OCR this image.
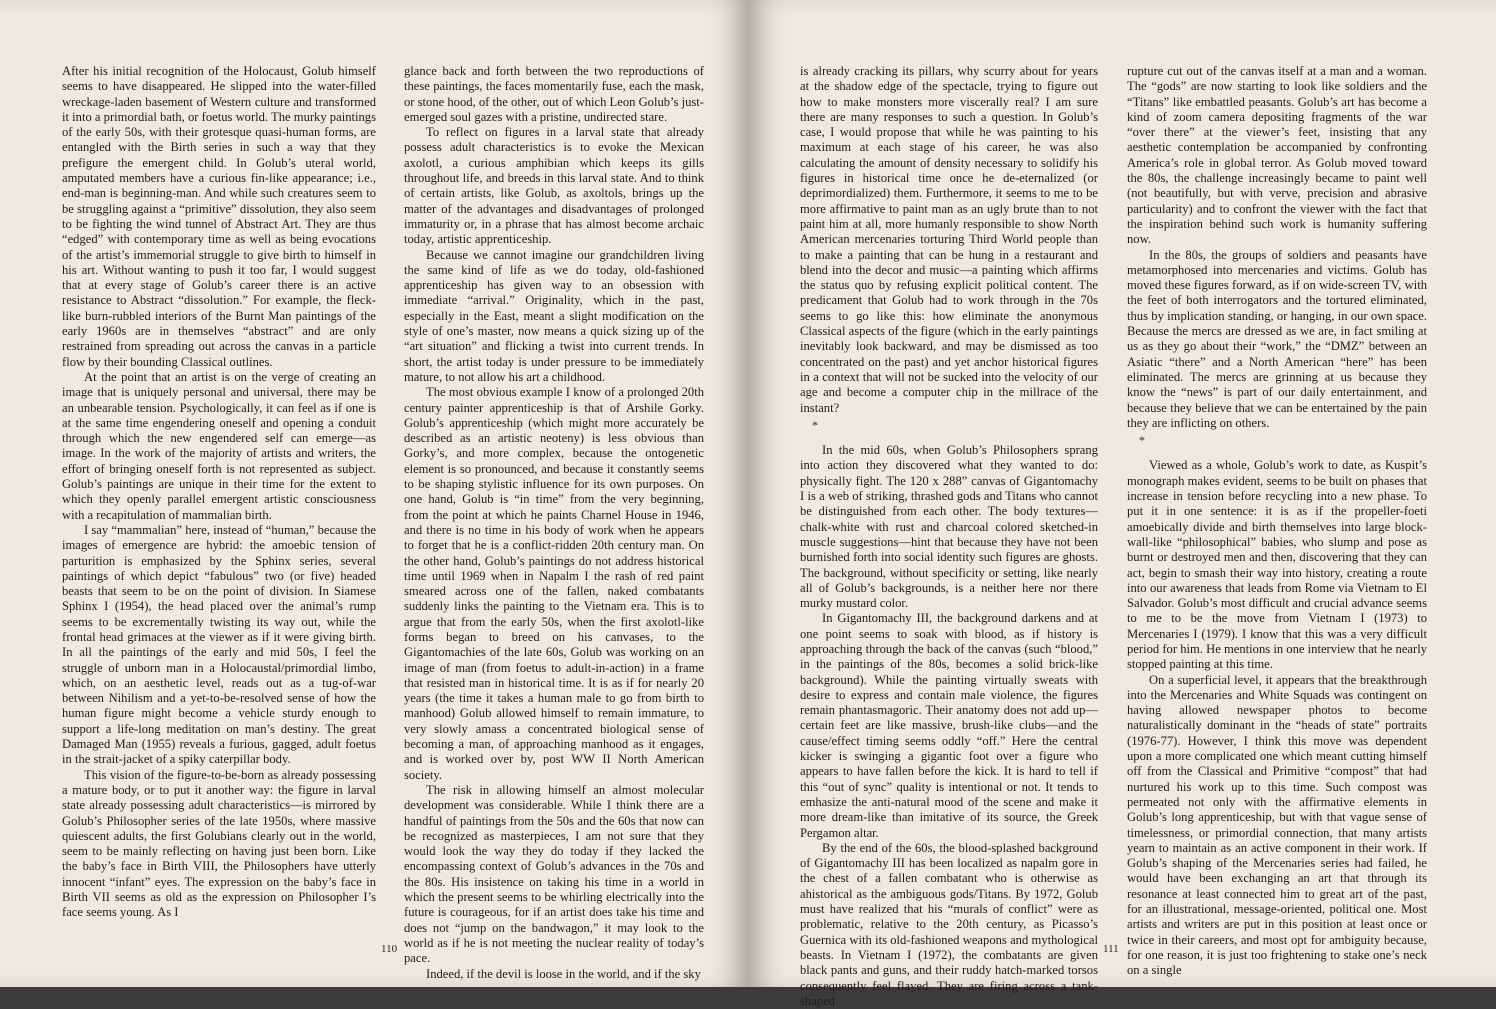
After his initial recognition of the Holocaust, Golub himself seems to have disappeared. He slipped into the water-filled wreckage-laden basement of Western culture and transformed it into a primordial bath, or foetus world. The murky paintings of the early 50s, with their grotesque quasi-human forms, are entangled with the Birth series in such a way that they prefigure the emergent child. In Golub’s uteral world, amputated members have a curious fin-like appearance; i.e., end-man is beginning-man. And while such creatures seem to be struggling against a “primitive” dissolution, they also seem to be fighting the wind tunnel of Abstract Art. They are thus “edged” with contemporary time as well as being evocations of the artist’s immemorial struggle to give birth to himself in his art. Without wanting to push it too far, I would suggest that at every stage of Golub’s career there is an active resistance to Abstract “dissolution.” For example, the fleck-like burn-rubbled interiors of the Burnt Man paintings of the early 1960s are in themselves “abstract” and are only restrained from spreading out across the canvas in a particle flow by their bounding Classical outlines.

At the point that an artist is on the verge of creating an image that is uniquely personal and universal, there may be an unbearable tension. Psychologically, it can feel as if one is at the same time engendering oneself and opening a conduit through which the new engendered self can emerge—as image. In the work of the majority of artists and writers, the effort of bringing oneself forth is not represented as subject. Golub’s paintings are unique in their time for the extent to which they openly parallel emergent artistic consciousness with a recapitulation of mammalian birth.

I say “mammalian” here, instead of “human,” because the images of emergence are hybrid: the amoebic tension of parturition is emphasized by the Sphinx series, several paintings of which depict “fabulous” two (or five) headed beasts that seem to be on the point of division. In Siamese Sphinx I (1954), the head placed over the animal’s rump seems to be excrementally twisting its way out, while the frontal head grimaces at the viewer as if it were giving birth. In all the paintings of the early and mid 50s, I feel the struggle of unborn man in a Holocaustal/primordial limbo, which, on an aesthetic level, reads out as a tug-of-war between Nihilism and a yet-to-be-resolved sense of how the human figure might become a vehicle sturdy enough to support a life-long meditation on man’s destiny. The great Damaged Man (1955) reveals a furious, gagged, adult foetus in the strait-jacket of a spiky caterpillar body.

This vision of the figure-to-be-born as already possessing a mature body, or to put it another way: the figure in larval state already possessing adult characteristics—is mirrored by Golub’s Philosopher series of the late 1950s, where massive quiescent adults, the first Golubians clearly out in the world, seem to be mainly reflecting on having just been born. Like the baby’s face in Birth VIII, the Philosophers have utterly innocent “infant” eyes. The expression on the baby’s face in Birth VII seems as old as the expression on Philosopher I’s face seems young. As I

glance back and forth between the two reproductions of these paintings, the faces momentarily fuse, each the mask, or stone hood, of the other, out of which Leon Golub’s just-emerged soul gazes with a pristine, undirected stare.

To reflect on figures in a larval state that already possess adult characteristics is to evoke the Mexican axolotl, a curious amphibian which keeps its gills throughout life, and breeds in this larval state. And to think of certain artists, like Golub, as axoltols, brings up the matter of the advantages and disadvantages of prolonged immaturity or, in a phrase that has almost become archaic today, artistic apprenticeship.

Because we cannot imagine our grandchildren living the same kind of life as we do today, old-fashioned apprenticeship has given way to an obsession with immediate “arrival.” Originality, which in the past, especially in the East, meant a slight modification on the style of one’s master, now means a quick sizing up of the “art situation” and flicking a twist into current trends. In short, the artist today is under pressure to be immediately mature, to not allow his art a childhood.

The most obvious example I know of a prolonged 20th century painter apprenticeship is that of Arshile Gorky. Golub’s apprenticeship (which might more accurately be described as an artistic neoteny) is less obvious than Gorky’s, and more complex, because the ontogenetic element is so pronounced, and because it constantly seems to be shaping stylistic influence for its own purposes. On one hand, Golub is “in time” from the very beginning, from the point at which he paints Charnel House in 1946, and there is no time in his body of work when he appears to forget that he is a conflict-ridden 20th century man. On the other hand, Golub’s paintings do not address historical time until 1969 when in Napalm I the rash of red paint smeared across one of the fallen, naked combatants suddenly links the painting to the Vietnam era. This is to argue that from the early 50s, when the first axolotl-like forms began to breed on his canvases, to the Gigantomachies of the late 60s, Golub was working on an image of man (from foetus to adult-in-action) in a frame that resisted man in historical time. It is as if for nearly 20 years (the time it takes a human male to go from birth to manhood) Golub allowed himself to remain immature, to very slowly amass a concentrated biological sense of becoming a man, of approaching manhood as it engages, and is worked over by, post WW II North American society.

The risk in allowing himself an almost molecular development was considerable. While I think there are a handful of paintings from the 50s and the 60s that now can be recognized as masterpieces, I am not sure that they would look the way they do today if they lacked the encompassing context of Golub’s advances in the 70s and the 80s. His insistence on taking his time in a world in which the present seems to be whirling electrically into the future is courageous, for if an artist does take his time and does not “jump on the bandwagon,” it may look to the world as if he is not meeting the nuclear reality of today’s pace.

Indeed, if the devil is loose in the world, and if the sky

110

is already cracking its pillars, why scurry about for years at the shadow edge of the spectacle, trying to figure out how to make monsters more viscerally real? I am sure there are many responses to such a question. In Golub’s case, I would propose that while he was painting to his maximum at each stage of his career, he was also calculating the amount of density necessary to solidify his figures in historical time once he de-eternalized (or deprimordialized) them. Furthermore, it seems to me to be more affirmative to paint man as an ugly brute than to not paint him at all, more humanly responsible to show North American mercenaries torturing Third World people than to make a painting that can be hung in a restaurant and blend into the decor and music—a painting which affirms the status quo by refusing explicit political content. The predicament that Golub had to work through in the 70s seems to go like this: how eliminate the anonymous Classical aspects of the figure (which in the early paintings inevitably look backward, and may be dismissed as too concentrated on the past) and yet anchor historical figures in a context that will not be sucked into the velocity of our age and become a computer chip in the millrace of the instant?

*

In the mid 60s, when Golub’s Philosophers sprang into action they discovered what they wanted to do: physically fight. The 120 x 288” canvas of Gigantomachy I is a web of striking, thrashed gods and Titans who cannot be distinguished from each other. The body textures—chalk-white with rust and charcoal colored sketched-in muscle suggestions—hint that because they have not been burnished forth into social identity such figures are ghosts. The background, without specificity or setting, like nearly all of Golub’s backgrounds, is a neither here nor there murky mustard color.

In Gigantomachy III, the background darkens and at one point seems to soak with blood, as if history is approaching through the back of the canvas (such “blood,” in the paintings of the 80s, becomes a solid brick-like background). While the painting virtually sweats with desire to express and contain male violence, the figures remain phantasmagoric. Their anatomy does not add up—certain feet are like massive, brush-like clubs—and the cause/effect timing seems oddly “off.” Here the central kicker is swinging a gigantic foot over a figure who appears to have fallen before the kick. It is hard to tell if this “out of sync” quality is intentional or not. It tends to emhasize the anti-natural mood of the scene and make it more dream-like than imitative of its source, the Greek Pergamon altar.

By the end of the 60s, the blood-splashed background of Gigantomachy III has been localized as napalm gore in the chest of a fallen combatant who is otherwise as ahistorical as the ambiguous gods/Titans. By 1972, Golub must have realized that his “murals of conflict” were as problematic, relative to the 20th century, as Picasso’s Guernica with its old-fashioned weapons and mythological beasts. In Vietnam I (1972), the combatants are given black pants and guns, and their ruddy hatch-marked torsos consequently feel flayed. They are firing across a tank-shaped

rupture cut out of the canvas itself at a man and a woman. The “gods” are now starting to look like soldiers and the “Titans” like embattled peasants. Golub’s art has become a kind of zoom camera depositing fragments of the war “over there” at the viewer’s feet, insisting that any aesthetic contemplation be accompanied by confronting America’s role in global terror. As Golub moved toward the 80s, the challenge increasingly became to paint well (not beautifully, but with verve, precision and abrasive particularity) and to confront the viewer with the fact that the inspiration behind such work is humanity suffering now.

In the 80s, the groups of soldiers and peasants have metamorphosed into mercenaries and victims. Golub has moved these figures forward, as if on wide-screen TV, with the feet of both interrogators and the tortured eliminated, thus by implication standing, or hanging, in our own space. Because the mercs are dressed as we are, in fact smiling at us as they go about their “work,” the “DMZ” between an Asiatic “there” and a North American “here” has been eliminated. The mercs are grinning at us because they know the “news” is part of our daily entertainment, and because they believe that we can be entertained by the pain they are inflicting on others.

*

Viewed as a whole, Golub’s work to date, as Kuspit’s monograph makes evident, seems to be built on phases that increase in tension before recycling into a new phase. To put it in one sentence: it is as if the propeller-foeti amoebically divide and birth themselves into large block-wall-like “philosophical” babies, who slump and pose as burnt or destroyed men and then, discovering that they can act, begin to smash their way into history, creating a route into our awareness that leads from Rome via Vietnam to El Salvador. Golub’s most difficult and crucial advance seems to me to be the move from Vietnam I (1973) to Mercenaries I (1979). I know that this was a very difficult period for him. He mentions in one interview that he nearly stopped painting at this time.

On a superficial level, it appears that the breakthrough into the Mercenaries and White Squads was contingent on having allowed newspaper photos to become naturalistically dominant in the “heads of state” portraits (1976-77). However, I think this move was dependent upon a more complicated one which meant cutting himself off from the Classical and Primitive “compost” that had nurtured his work up to this time. Such compost was permeated not only with the affirmative elements in Golub’s long apprenticeship, but with that vague sense of timelessness, or primordial connection, that many artists yearn to maintain as an active component in their work. If Golub’s shaping of the Mercenaries series had failed, he would have been exchanging an art that through its resonance at least connected him to great art of the past, for an illustrational, message-oriented, political one. Most artists and writers are put in this position at least once or twice in their careers, and most opt for ambiguity because, for one reason, it is just too frightening to stake one’s neck on a single

111
